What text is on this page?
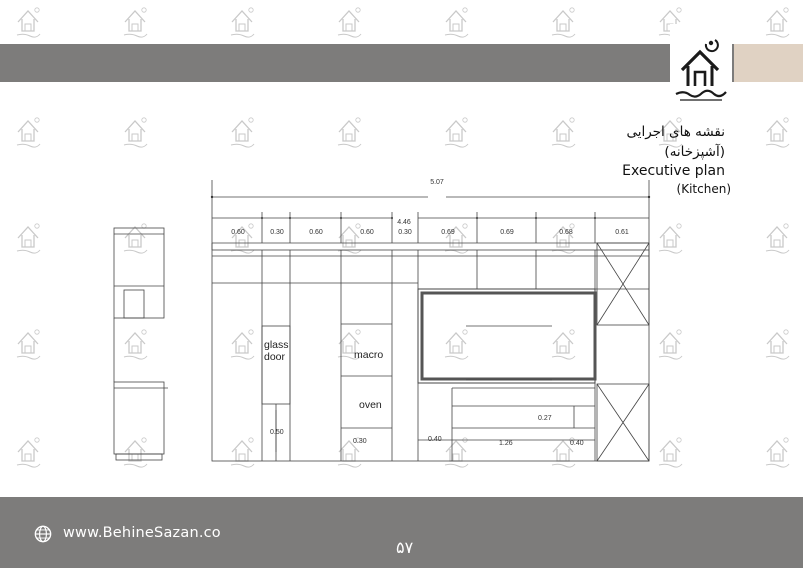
نقشه های اجرایی
(آشپزخانه)
Executive plan
(Kitchen)
5.07
4.46
0.60	0.30	0.60	0.60	0.30	0.69	0.69	0.68	0.61
0.50
0.30	0.40
1.26	0.40
0.27
glass
door	macro
oven
www.BehineSazan.co
۵۷
